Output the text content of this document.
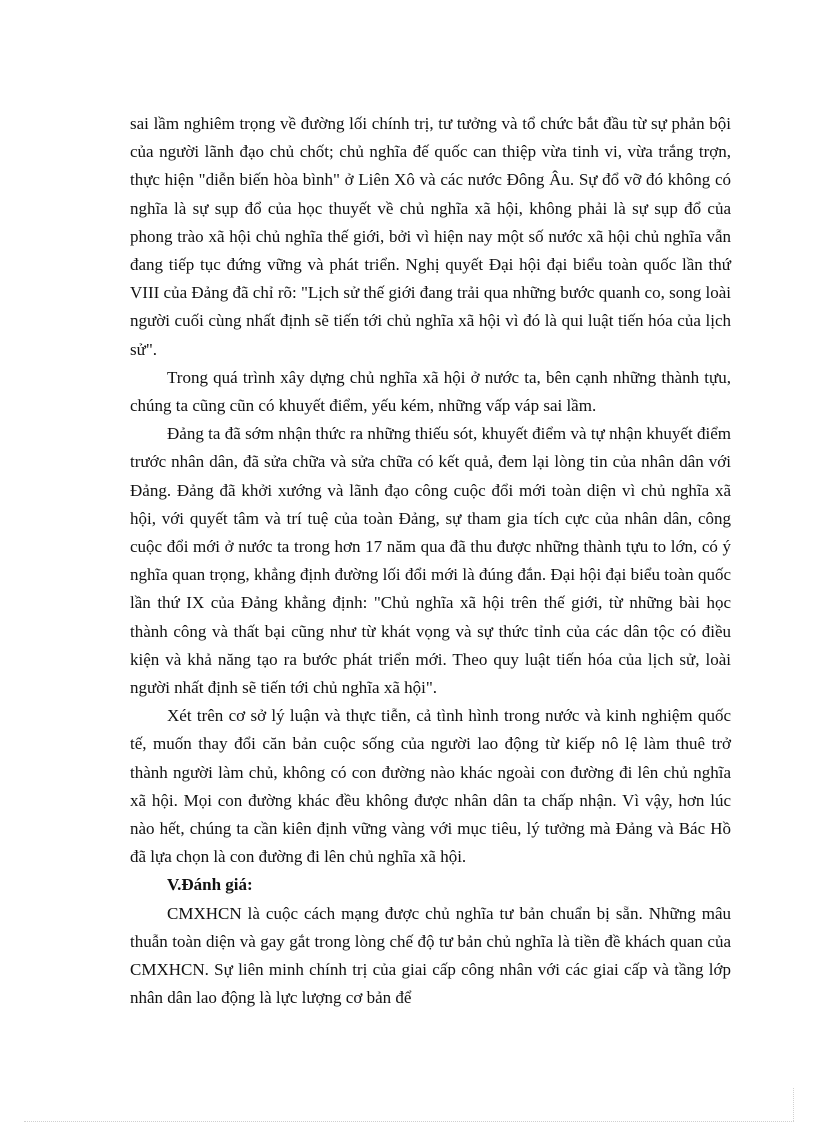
sai lầm nghiêm trọng về đường lối chính trị, tư tưởng và tổ chức bắt đầu từ sự phản bội của người lãnh đạo chủ chốt; chủ nghĩa đế quốc can thiệp vừa tinh vi, vừa trắng trợn, thực hiện "diễn biến hòa bình" ở Liên Xô và các nước Đông Âu. Sự đổ vỡ đó không có nghĩa là sự sụp đổ của học thuyết về chủ nghĩa xã hội, không phải là sự sụp đổ của phong trào xã hội chủ nghĩa thế giới, bởi vì hiện nay một số nước xã hội chủ nghĩa vẫn đang tiếp tục đứng vững và phát triển. Nghị quyết Đại hội đại biểu toàn quốc lần thứ VIII của Đảng đã chỉ rõ: "Lịch sử thế giới đang trải qua những bước quanh co, song loài người cuối cùng nhất định sẽ tiến tới chủ nghĩa xã hội vì đó là qui luật tiến hóa của lịch sử".

Trong quá trình xây dựng chủ nghĩa xã hội ở nước ta, bên cạnh những thành tựu, chúng ta cũng cũn có khuyết điểm, yếu kém, những vấp váp sai lầm.

Đảng ta đã sớm nhận thức ra những thiếu sót, khuyết điểm và tự nhận khuyết điểm trước nhân dân, đã sửa chữa và sửa chữa có kết quả, đem lại lòng tin của nhân dân với Đảng. Đảng đã khởi xướng và lãnh đạo công cuộc đổi mới toàn diện vì chủ nghĩa xã hội, với quyết tâm và trí tuệ của toàn Đảng, sự tham gia tích cực của nhân dân, công cuộc đổi mới ở nước ta trong hơn 17 năm qua đã thu được những thành tựu to lớn, có ý nghĩa quan trọng, khẳng định đường lối đổi mới là đúng đắn. Đại hội đại biểu toàn quốc lần thứ IX của Đảng khẳng định: "Chủ nghĩa xã hội trên thế giới, từ những bài học thành công và thất bại cũng như từ khát vọng và sự thức tỉnh của các dân tộc có điều kiện và khả năng tạo ra bước phát triển mới. Theo quy luật tiến hóa của lịch sử, loài người nhất định sẽ tiến tới chủ nghĩa xã hội".

Xét trên cơ sở lý luận và thực tiễn, cả tình hình trong nước và kinh nghiệm quốc tế, muốn thay đổi căn bản cuộc sống của người lao động từ kiếp nô lệ làm thuê trở thành người làm chủ, không có con đường nào khác ngoài con đường đi lên chủ nghĩa xã hội. Mọi con đường khác đều không được nhân dân ta chấp nhận. Vì vậy, hơn lúc nào hết, chúng ta cần kiên định vững vàng với mục tiêu, lý tưởng mà Đảng và Bác Hồ đã lựa chọn là con đường đi lên chủ nghĩa xã hội.

V.Đánh giá:

CMXHCN là cuộc cách mạng được chủ nghĩa tư bản chuẩn bị sẵn. Những mâu thuẫn toàn diện và gay gắt trong lòng chế độ tư bản chủ nghĩa là tiền đề khách quan của CMXHCN. Sự liên minh chính trị của giai cấp công nhân với các giai cấp và tầng lớp nhân dân lao động là lực lượng cơ bản để
